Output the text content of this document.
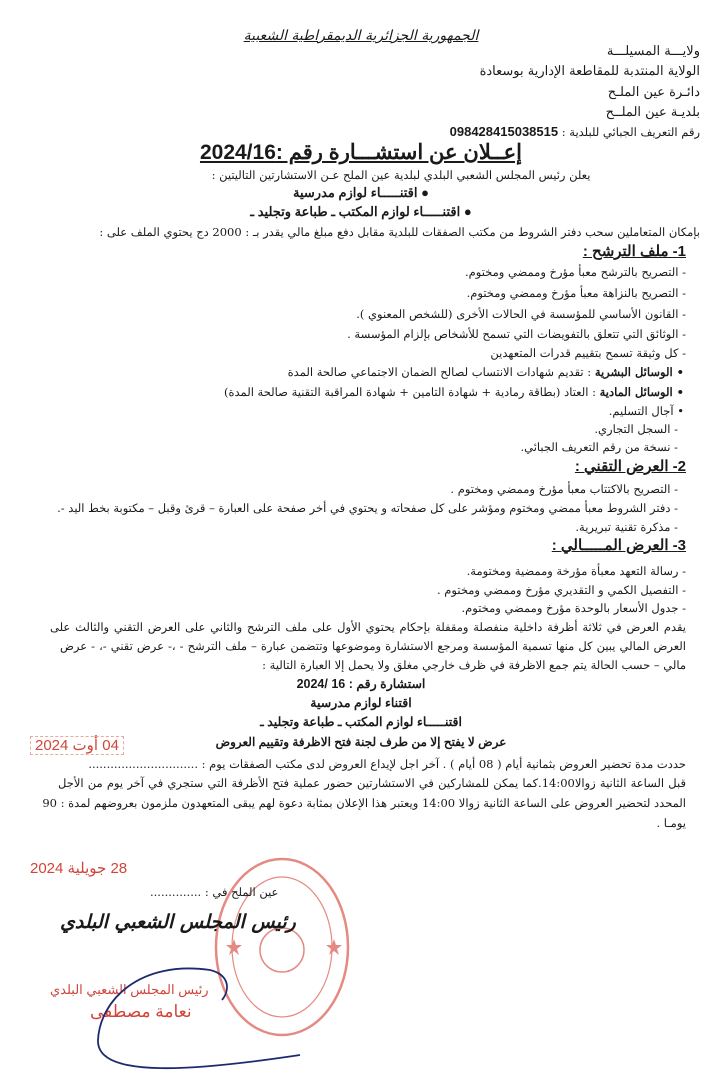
الجمهورية الجزائرية الديمقراطية الشعبية
ولايـــة المسيلـــة
الولاية المنتدبة للمقاطعة الإدارية بوسعادة
دائـرة عين الملـح
بلديـة عين الملــح
رقم التعريف الجبائي للبلدية : 098428415038515
إعــلان عن استشـــارة رقم :2024/16
يعلن رئيس المجلس الشعبي البلدي لبلدية عين الملح عـن الاستشارتين التاليتين :
● اقتنـــــاء لوازم مدرسية
● اقتنـــــاء لوازم المكتب ـ طباعة وتجليد ـ
بإمكان المتعاملين سحب دفتر الشروط من مكتب الصفقات للبلدية مقابل دفع مبلغ مالي يقدر بـ : 2000 دج يحتوي الملف على :
1- ملف الترشح :
- التصريح بالترشح معبأ مؤرخ وممضي ومختوم.
- التصريح بالنزاهة معبأ مؤرخ وممضي ومختوم.
- القانون الأساسي للمؤسسة في الحالات الأخرى (للشخص المعنوي ).
- الوثائق التي تتعلق بالتفويضات التي تسمح للأشخاص بإلزام المؤسسة .
- كل وثيقة تسمح بتقييم قدرات المتعهدين
• الوسائل البشرية : تقديم شهادات الانتساب لصالح الضمان الاجتماعي صالحة المدة
• الوسائل المادية : العتاد (بطاقة رمادية + شهادة التامين + شهادة المراقبة التقنية صالحة المدة)
• آجال التسليم.
- السجل التجاري.
- نسخة من رقم التعريف الجبائي.
2- العرض التقني :
- التصريح بالاكتتاب معبأ مؤرخ وممضي ومختوم .
- دفتر الشروط معبأ ممضي ومختوم ومؤشر على كل صفحاته و يحتوي في أخر صفحة على العبارة – قرئ وقبل – مكتوبة بخط اليد -.
- مذكرة تقنية تبريرية.
3- العرض المـــــالي :
- رسالة التعهد معبأة مؤرخة وممضية ومختومة.
- التفصيل الكمي و التقديري مؤرخ وممضي ومختوم .
- جدول الأسعار بالوحدة مؤرخ وممضي ومختوم.
يقدم العرض في ثلاثة أظرفة داخلية منفصلة ومقفلة بإحكام يحتوي الأول على ملف الترشح والثاني على العرض التقني والثالث على
العرض المالي يبين كل منها تسمية المؤسسة ومرجع الاستشارة وموضوعها وتتضمن عبارة – ملف الترشح - ،- عرض تقني -، - عرض
مالي – حسب الحالة يتم جمع الاظرفة في ظرف خارجي مغلق ولا يحمل إلا العبارة التالية :
استشارة رقم : 16 /2024
اقتناء لوازم مدرسية
اقتنـــــاء لوازم المكتب ـ طباعة وتجليد ـ
عرض لا يفتح إلا من طرف لجنة فتح الاظرفة وتقييم العروض
حددت مدة تحضير العروض بثمانية أيام ( 08 أيام ) . آخر اجل لإيداع العروض لدى مكتب الصفقات يوم : ..............................
قبل الساعة الثانية زوالا14:00.كما يمكن للمشاركين في الاستشارتين حضور عملية فتح الأظرفة التي ستجري في آخر يوم من الأجل
المحدد لتحضير العروض على الساعة الثانية زوالا 14:00 ويعتبر هذا الإعلان بمثابة دعوة لهم يبقى المتعهدون ملزمون بعروضهم لمدة : 90
يومـا .
04 أوت 2024
28 جويلية 2024
رئيس المجلس الشعبي البلدي
نعامة مصطفى
عين الملح في : ..............
رئيس المجلس الشعبي البلدي
